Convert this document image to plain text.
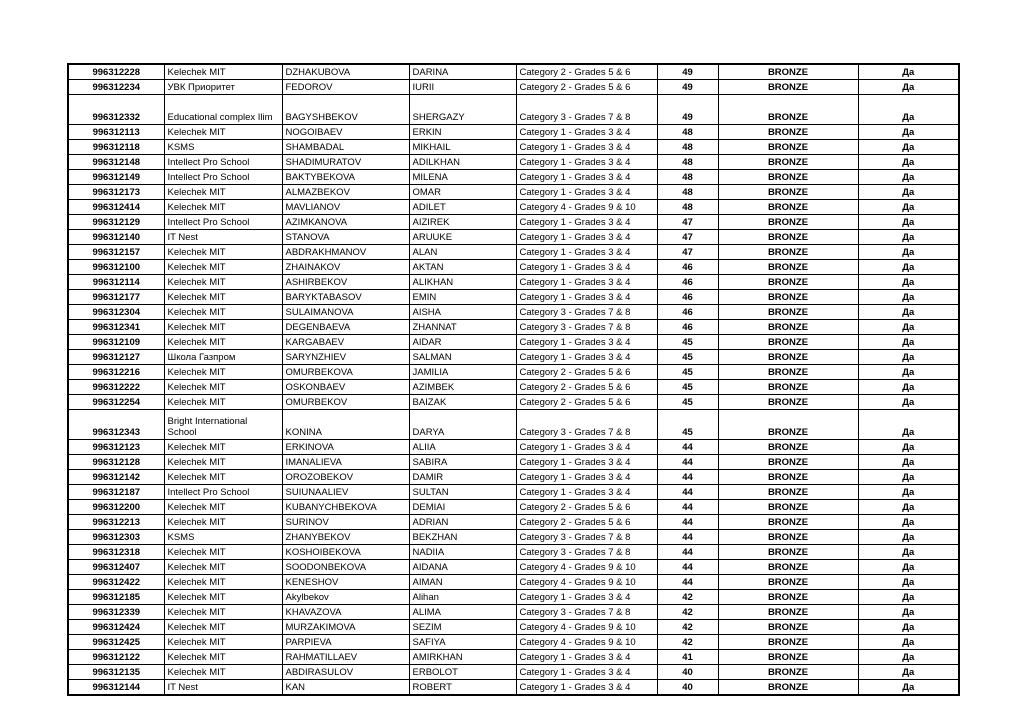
996312228	Kelechek MIT	DZHAKUBOVA	DARINA	Category 2 - Grades 5 & 6	49	BRONZE	Да
996312234	УВК Приоритет	FEDOROV	IURII	Category 2 - Grades 5 & 6	49	BRONZE	Да
996312332	Educational complex Ilim	BAGYSHBEKOV	SHERGAZY	Category 3 - Grades 7 & 8	49	BRONZE	Да
996312113	Kelechek MIT	NOGOIBAEV	ERKIN	Category 1 - Grades 3 & 4	48	BRONZE	Да
996312118	KSMS	SHAMBADAL	MIKHAIL	Category 1 - Grades 3 & 4	48	BRONZE	Да
996312148	Intellect Pro School	SHADIMURATOV	ADILKHAN	Category 1 - Grades 3 & 4	48	BRONZE	Да
996312149	Intellect Pro School	BAKTYBEKOVA	MILENA	Category 1 - Grades 3 & 4	48	BRONZE	Да
996312173	Kelechek MIT	ALMAZBEKOV	OMAR	Category 1 - Grades 3 & 4	48	BRONZE	Да
996312414	Kelechek MIT	MAVLIANOV	ADILET	Category 4 - Grades 9 & 10	48	BRONZE	Да
996312129	Intellect Pro School	AZIMKANOVA	AIZIREK	Category 1 - Grades 3 & 4	47	BRONZE	Да
996312140	IT Nest	STANOVA	ARUUKE	Category 1 - Grades 3 & 4	47	BRONZE	Да
996312157	Kelechek MIT	ABDRAKHMANOV	ALAN	Category 1 - Grades 3 & 4	47	BRONZE	Да
996312100	Kelechek MIT	ZHAINAKOV	AKTAN	Category 1 - Grades 3 & 4	46	BRONZE	Да
996312114	Kelechek MIT	ASHIRBEKOV	ALIKHAN	Category 1 - Grades 3 & 4	46	BRONZE	Да
996312177	Kelechek MIT	BARYKTABASOV	EMIN	Category 1 - Grades 3 & 4	46	BRONZE	Да
996312304	Kelechek MIT	SULAIMANOVA	AISHA	Category 3 - Grades 7 & 8	46	BRONZE	Да
996312341	Kelechek MIT	DEGENBAEVA	ZHANNAT	Category 3 - Grades 7 & 8	46	BRONZE	Да
996312109	Kelechek MIT	KARGABAEV	AIDAR	Category 1 - Grades 3 & 4	45	BRONZE	Да
996312127	Школа Газпром	SARYNZHIEV	SALMAN	Category 1 - Grades 3 & 4	45	BRONZE	Да
996312216	Kelechek MIT	OMURBEKOVA	JAMILIA	Category 2 - Grades 5 & 6	45	BRONZE	Да
996312222	Kelechek MIT	OSKONBAEV	AZIMBEK	Category 2 - Grades 5 & 6	45	BRONZE	Да
996312254	Kelechek MIT	OMURBEKOV	BAIZAK	Category 2 - Grades 5 & 6	45	BRONZE	Да
996312343	Bright International School	KONINA	DARYA	Category 3 - Grades 7 & 8	45	BRONZE	Да
996312123	Kelechek MIT	ERKINOVA	ALIIA	Category 1 - Grades 3 & 4	44	BRONZE	Да
996312128	Kelechek MIT	IMANALIEVA	SABIRA	Category 1 - Grades 3 & 4	44	BRONZE	Да
996312142	Kelechek MIT	OROZOBEKOV	DAMIR	Category 1 - Grades 3 & 4	44	BRONZE	Да
996312187	Intellect Pro School	SUIUNAALIEV	SULTAN	Category 1 - Grades 3 & 4	44	BRONZE	Да
996312200	Kelechek MIT	KUBANYCHBEKOVA	DEMIAI	Category 2 - Grades 5 & 6	44	BRONZE	Да
996312213	Kelechek MIT	SURINOV	ADRIAN	Category 2 - Grades 5 & 6	44	BRONZE	Да
996312303	KSMS	ZHANYBEKOV	BEKZHAN	Category 3 - Grades 7 & 8	44	BRONZE	Да
996312318	Kelechek MIT	KOSHOIBEKOVA	NADIIA	Category 3 - Grades 7 & 8	44	BRONZE	Да
996312407	Kelechek MIT	SOODONBEKOVA	AIDANA	Category 4 - Grades 9 & 10	44	BRONZE	Да
996312422	Kelechek MIT	KENESHOV	AIMAN	Category 4 - Grades 9 & 10	44	BRONZE	Да
996312185	Kelechek MIT	Akylbekov	Alihan	Category 1 - Grades 3 & 4	42	BRONZE	Да
996312339	Kelechek MIT	KHAVAZOVA	ALIMA	Category 3 - Grades 7 & 8	42	BRONZE	Да
996312424	Kelechek MIT	MURZAKIMOVA	SEZIM	Category 4 - Grades 9 & 10	42	BRONZE	Да
996312425	Kelechek MIT	PARPIEVA	SAFIYA	Category 4 - Grades 9 & 10	42	BRONZE	Да
996312122	Kelechek MIT	RAHMATILLAEV	AMIRKHAN	Category 1 - Grades 3 & 4	41	BRONZE	Да
996312135	Kelechek MIT	ABDIRASULOV	ERBOLOT	Category 1 - Grades 3 & 4	40	BRONZE	Да
996312144	IT Nest	KAN	ROBERT	Category 1 - Grades 3 & 4	40	BRONZE	Да
